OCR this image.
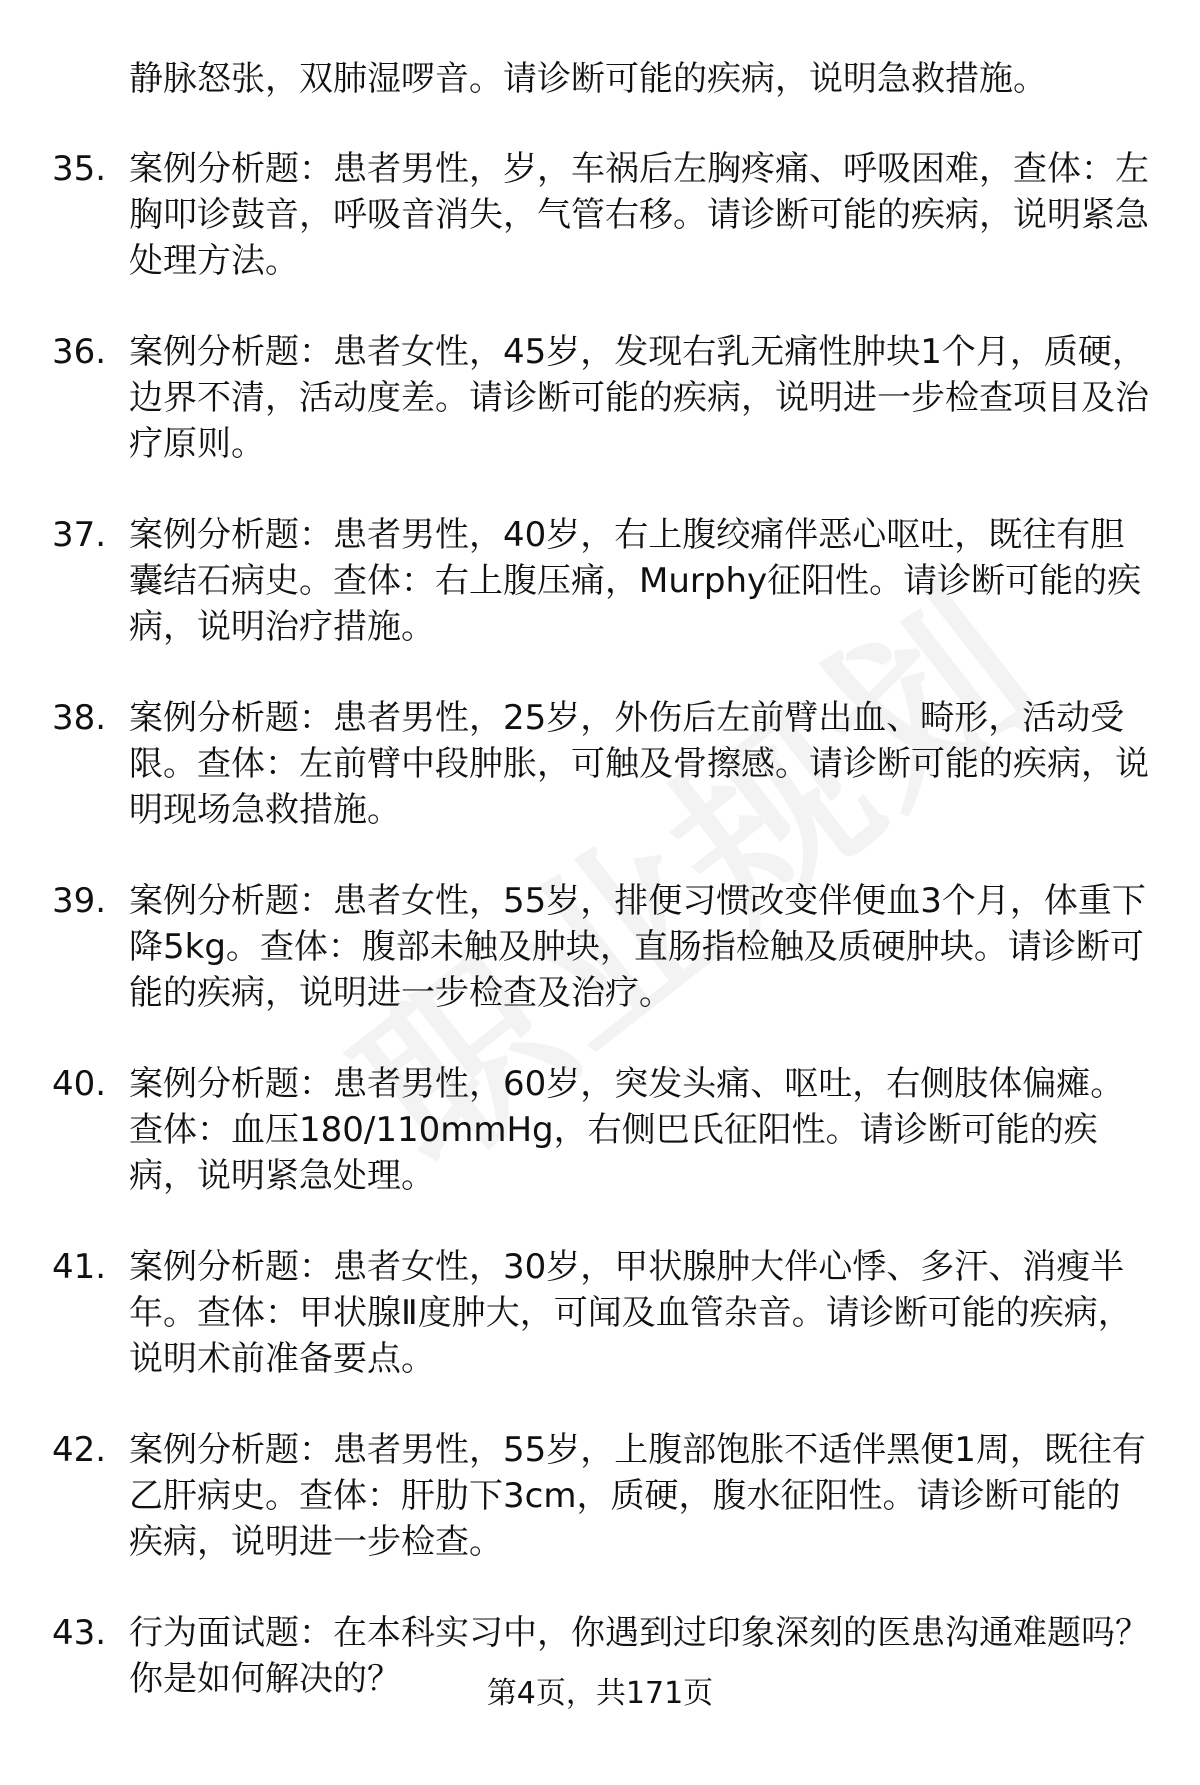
静脉怒张，双肺湿啰音。请诊断可能的疾病，说明急救措施。

35. 案例分析题：患者男性，岁，车祸后左胸疼痛、呼吸困难，查体：左胸叩诊鼓音，呼吸音消失，气管右移。请诊断可能的疾病，说明紧急处理方法。
36. 案例分析题：患者女性，45岁，发现右乳无痛性肿块1个月，质硬，边界不清，活动度差。请诊断可能的疾病，说明进一步检查项目及治疗原则。
37. 案例分析题：患者男性，40岁，右上腹绞痛伴恶心呕吐，既往有胆囊结石病史。查体：右上腹压痛，Murphy征阳性。请诊断可能的疾病，说明治疗措施。
38. 案例分析题：患者男性，25岁，外伤后左前臂出血、畸形，活动受限。查体：左前臂中段肿胀，可触及骨擦感。请诊断可能的疾病，说明现场急救措施。
39. 案例分析题：患者女性，55岁，排便习惯改变伴便血3个月，体重下降5kg。查体：腹部未触及肿块，直肠指检触及质硬肿块。请诊断可能的疾病，说明进一步检查及治疗。
40. 案例分析题：患者男性，60岁，突发头痛、呕吐，右侧肢体偏瘫。查体：血压180/110mmHg，右侧巴氏征阳性。请诊断可能的疾病，说明紧急处理。
41. 案例分析题：患者女性，30岁，甲状腺肿大伴心悸、多汗、消瘦半年。查体：甲状腺Ⅱ度肿大，可闻及血管杂音。请诊断可能的疾病，说明术前准备要点。
42. 案例分析题：患者男性，55岁，上腹部饱胀不适伴黑便1周，既往有乙肝病史。查体：肝肋下3cm，质硬，腹水征阳性。请诊断可能的疾病，说明进一步检查。
43. 行为面试题：在本科实习中，你遇到过印象深刻的医患沟通难题吗？你是如何解决的？	第4页，共171页
